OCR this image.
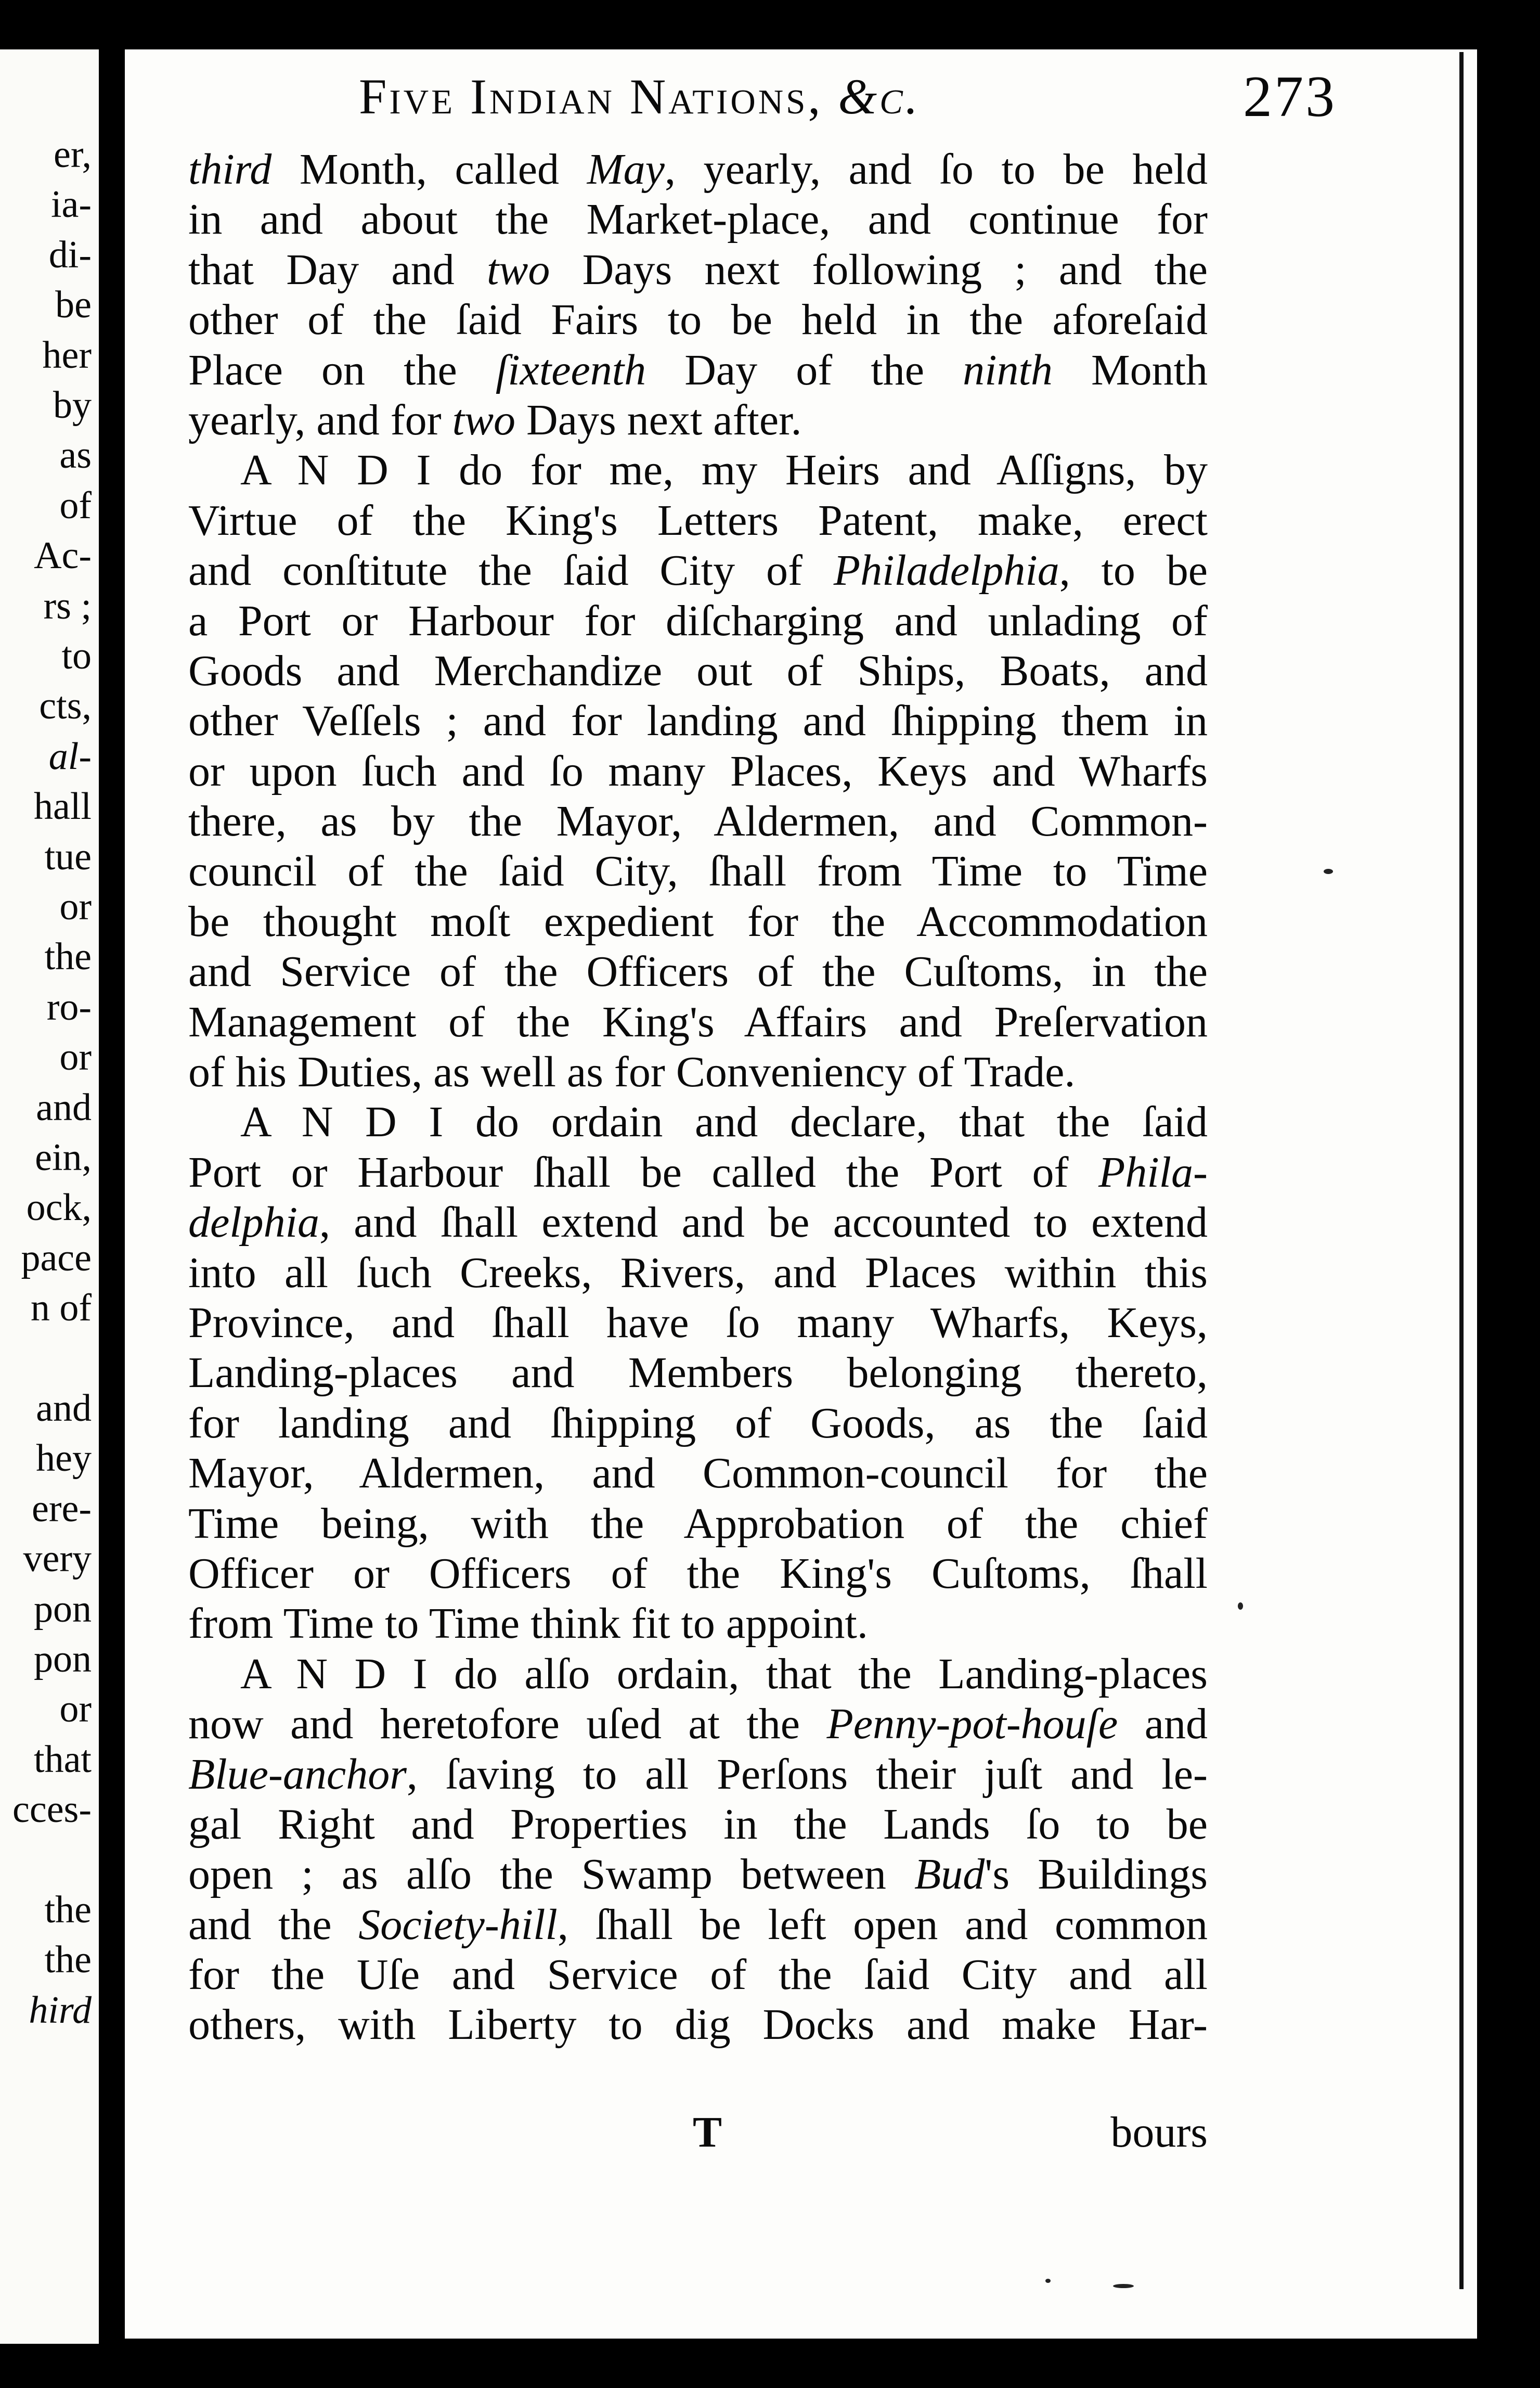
er,
ia-
di-
be
her
by
as
of
Ac-
rs ;
to
cts,
al-
hall
tue
or
the
ro-
or
and
ein,
ock,
pace
n of
and
hey
ere-
very
pon
pon
or
that
cces-
the
the
hird
Five Indian Nations, &c.	273
third Month, called May, yearly, and ſo to be held
in and about the Market-place, and continue for
that Day and two Days next following ; and the
other of the ſaid Fairs to be held in the aforeſaid
Place on the ſixteenth Day of the ninth Month
yearly, and for two Days next after.
A N D I do for me, my Heirs and Aſſigns, by
Virtue of the King's Letters Patent, make, erect
and conſtitute the ſaid City of Philadelphia, to be
a Port or Harbour for diſcharging and unlading of
Goods and Merchandize out of Ships, Boats, and
other Veſſels ; and for landing and ſhipping them in
or upon ſuch and ſo many Places, Keys and Wharfs
there, as by the Mayor, Aldermen, and Common-
council of the ſaid City, ſhall from Time to Time
be thought moſt expedient for the Accommodation
and Service of the Officers of the Cuſtoms, in the
Management of the King's Affairs and Preſervation
of his Duties, as well as for Conveniency of Trade.
A N D I do ordain and declare, that the ſaid
Port or Harbour ſhall be called the Port of Phila-
delphia, and ſhall extend and be accounted to extend
into all ſuch Creeks, Rivers, and Places within this
Province, and ſhall have ſo many Wharfs, Keys,
Landing-places and Members belonging thereto,
for landing and ſhipping of Goods, as the ſaid
Mayor, Aldermen, and Common-council for the
Time being, with the Approbation of the chief
Officer or Officers of the King's Cuſtoms, ſhall
from Time to Time think fit to appoint.
A N D I do alſo ordain, that the Landing-places
now and heretofore uſed at the Penny-pot-houſe and
Blue-anchor, ſaving to all Perſons their juſt and le-
gal Right and Properties in the Lands ſo to be
open ; as alſo the Swamp between Bud's Buildings
and the Society-hill, ſhall be left open and common
for the Uſe and Service of the ſaid City and all
others, with Liberty to dig Docks and make Har-
T	bours
